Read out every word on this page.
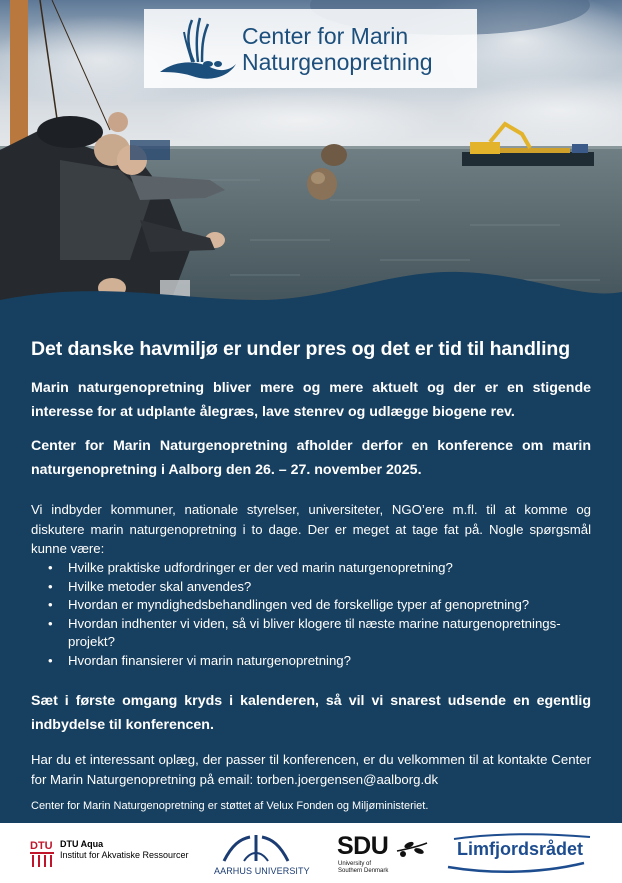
Center for Marin
Naturgenopretning
Det danske havmiljø er under pres og det er tid til handling

Marin naturgenopretning bliver mere og mere aktuelt og der er en stigende interesse for at udplante ålegræs, lave stenrev og udlægge biogene rev.

Center for Marin Naturgenopretning afholder derfor en konference om marin naturgenopretning i Aalborg den 26. – 27. november 2025.

Vi indbyder kommuner, nationale styrelser, universiteter, NGO’ere m.fl. til at komme og diskutere marin naturgenopretning i to dage. Der er meget at tage fat på. Nogle spørgsmål kunne være:

• Hvilke praktiske udfordringer er der ved marin naturgenopretning?
• Hvilke metoder skal anvendes?
• Hvordan er myndighedsbehandlingen ved de forskellige typer af genopretning?
• Hvordan indhenter vi viden, så vi bliver klogere til næste marine naturgenopretnings-projekt?
• Hvordan finansierer vi marin naturgenopretning?

Sæt i første omgang kryds i kalenderen, så vil vi snarest udsende en egentlig indbydelse til konferencen.

Har du et interessant oplæg, der passer til konferencen, er du velkommen til at kontakte Center for Marin Naturgenopretning på email: torben.joergensen@aalborg.dk

Center for Marin Naturgenopretning er støttet af Velux Fonden og Miljøministeriet.
DTU DTU Aqua
Institut for Akvatiske Ressourcer
AARHUS UNIVERSITY
SDU
University of
Southern Denmark
Limfjordsrådet
